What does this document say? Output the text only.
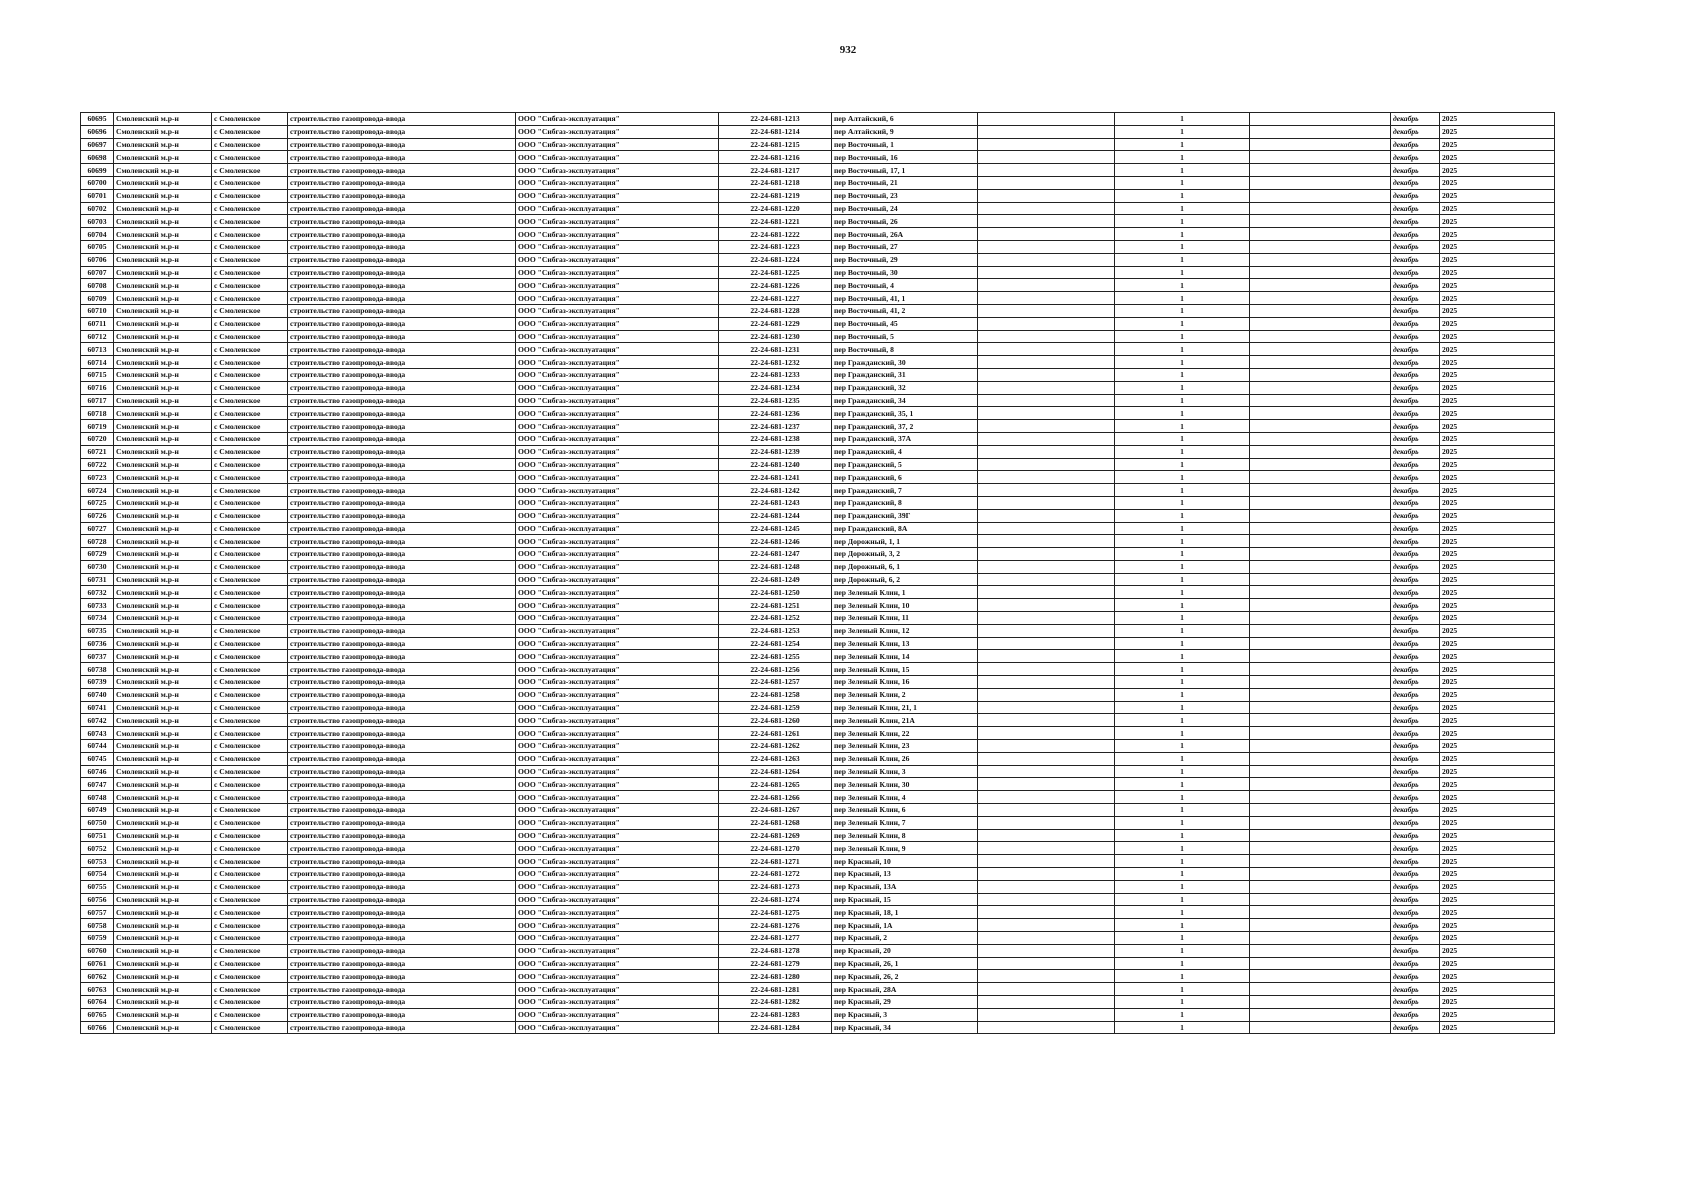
932
60695	Смоленский м.р-н	с Смоленское	строительство газопровода-ввода	ООО "Сибгаз-эксплуатация"	22-24-681-1213	пер Алтайский, 6		1		декабрь	2025
60696	Смоленский м.р-н	с Смоленское	строительство газопровода-ввода	ООО "Сибгаз-эксплуатация"	22-24-681-1214	пер Алтайский, 9		1		декабрь	2025
60697	Смоленский м.р-н	с Смоленское	строительство газопровода-ввода	ООО "Сибгаз-эксплуатация"	22-24-681-1215	пер Восточный, 1		1		декабрь	2025
60698	Смоленский м.р-н	с Смоленское	строительство газопровода-ввода	ООО "Сибгаз-эксплуатация"	22-24-681-1216	пер Восточный, 16		1		декабрь	2025
60699	Смоленский м.р-н	с Смоленское	строительство газопровода-ввода	ООО "Сибгаз-эксплуатация"	22-24-681-1217	пер Восточный, 17, 1		1		декабрь	2025
60700	Смоленский м.р-н	с Смоленское	строительство газопровода-ввода	ООО "Сибгаз-эксплуатация"	22-24-681-1218	пер Восточный, 21		1		декабрь	2025
60701	Смоленский м.р-н	с Смоленское	строительство газопровода-ввода	ООО "Сибгаз-эксплуатация"	22-24-681-1219	пер Восточный, 23		1		декабрь	2025
60702	Смоленский м.р-н	с Смоленское	строительство газопровода-ввода	ООО "Сибгаз-эксплуатация"	22-24-681-1220	пер Восточный, 24		1		декабрь	2025
60703	Смоленский м.р-н	с Смоленское	строительство газопровода-ввода	ООО "Сибгаз-эксплуатация"	22-24-681-1221	пер Восточный, 26		1		декабрь	2025
60704	Смоленский м.р-н	с Смоленское	строительство газопровода-ввода	ООО "Сибгаз-эксплуатация"	22-24-681-1222	пер Восточный, 26А		1		декабрь	2025
60705	Смоленский м.р-н	с Смоленское	строительство газопровода-ввода	ООО "Сибгаз-эксплуатация"	22-24-681-1223	пер Восточный, 27		1		декабрь	2025
60706	Смоленский м.р-н	с Смоленское	строительство газопровода-ввода	ООО "Сибгаз-эксплуатация"	22-24-681-1224	пер Восточный, 29		1		декабрь	2025
60707	Смоленский м.р-н	с Смоленское	строительство газопровода-ввода	ООО "Сибгаз-эксплуатация"	22-24-681-1225	пер Восточный, 30		1		декабрь	2025
60708	Смоленский м.р-н	с Смоленское	строительство газопровода-ввода	ООО "Сибгаз-эксплуатация"	22-24-681-1226	пер Восточный, 4		1		декабрь	2025
60709	Смоленский м.р-н	с Смоленское	строительство газопровода-ввода	ООО "Сибгаз-эксплуатация"	22-24-681-1227	пер Восточный, 41, 1		1		декабрь	2025
60710	Смоленский м.р-н	с Смоленское	строительство газопровода-ввода	ООО "Сибгаз-эксплуатация"	22-24-681-1228	пер Восточный, 41, 2		1		декабрь	2025
60711	Смоленский м.р-н	с Смоленское	строительство газопровода-ввода	ООО "Сибгаз-эксплуатация"	22-24-681-1229	пер Восточный, 45		1		декабрь	2025
60712	Смоленский м.р-н	с Смоленское	строительство газопровода-ввода	ООО "Сибгаз-эксплуатация"	22-24-681-1230	пер Восточный, 5		1		декабрь	2025
60713	Смоленский м.р-н	с Смоленское	строительство газопровода-ввода	ООО "Сибгаз-эксплуатация"	22-24-681-1231	пер Восточный, 8		1		декабрь	2025
60714	Смоленский м.р-н	с Смоленское	строительство газопровода-ввода	ООО "Сибгаз-эксплуатация"	22-24-681-1232	пер Гражданский, 30		1		декабрь	2025
60715	Смоленский м.р-н	с Смоленское	строительство газопровода-ввода	ООО "Сибгаз-эксплуатация"	22-24-681-1233	пер Гражданский, 31		1		декабрь	2025
60716	Смоленский м.р-н	с Смоленское	строительство газопровода-ввода	ООО "Сибгаз-эксплуатация"	22-24-681-1234	пер Гражданский, 32		1		декабрь	2025
60717	Смоленский м.р-н	с Смоленское	строительство газопровода-ввода	ООО "Сибгаз-эксплуатация"	22-24-681-1235	пер Гражданский, 34		1		декабрь	2025
60718	Смоленский м.р-н	с Смоленское	строительство газопровода-ввода	ООО "Сибгаз-эксплуатация"	22-24-681-1236	пер Гражданский, 35, 1		1		декабрь	2025
60719	Смоленский м.р-н	с Смоленское	строительство газопровода-ввода	ООО "Сибгаз-эксплуатация"	22-24-681-1237	пер Гражданский, 37, 2		1		декабрь	2025
60720	Смоленский м.р-н	с Смоленское	строительство газопровода-ввода	ООО "Сибгаз-эксплуатация"	22-24-681-1238	пер Гражданский, 37А		1		декабрь	2025
60721	Смоленский м.р-н	с Смоленское	строительство газопровода-ввода	ООО "Сибгаз-эксплуатация"	22-24-681-1239	пер Гражданский, 4		1		декабрь	2025
60722	Смоленский м.р-н	с Смоленское	строительство газопровода-ввода	ООО "Сибгаз-эксплуатация"	22-24-681-1240	пер Гражданский, 5		1		декабрь	2025
60723	Смоленский м.р-н	с Смоленское	строительство газопровода-ввода	ООО "Сибгаз-эксплуатация"	22-24-681-1241	пер Гражданский, 6		1		декабрь	2025
60724	Смоленский м.р-н	с Смоленское	строительство газопровода-ввода	ООО "Сибгаз-эксплуатация"	22-24-681-1242	пер Гражданский, 7		1		декабрь	2025
60725	Смоленский м.р-н	с Смоленское	строительство газопровода-ввода	ООО "Сибгаз-эксплуатация"	22-24-681-1243	пер Гражданский, 8		1		декабрь	2025
60726	Смоленский м.р-н	с Смоленское	строительство газопровода-ввода	ООО "Сибгаз-эксплуатация"	22-24-681-1244	пер Гражданский, 39Г		1		декабрь	2025
60727	Смоленский м.р-н	с Смоленское	строительство газопровода-ввода	ООО "Сибгаз-эксплуатация"	22-24-681-1245	пер Гражданский, 8А		1		декабрь	2025
60728	Смоленский м.р-н	с Смоленское	строительство газопровода-ввода	ООО "Сибгаз-эксплуатация"	22-24-681-1246	пер Дорожный, 1, 1		1		декабрь	2025
60729	Смоленский м.р-н	с Смоленское	строительство газопровода-ввода	ООО "Сибгаз-эксплуатация"	22-24-681-1247	пер Дорожный, 3, 2		1		декабрь	2025
60730	Смоленский м.р-н	с Смоленское	строительство газопровода-ввода	ООО "Сибгаз-эксплуатация"	22-24-681-1248	пер Дорожный, 6, 1		1		декабрь	2025
60731	Смоленский м.р-н	с Смоленское	строительство газопровода-ввода	ООО "Сибгаз-эксплуатация"	22-24-681-1249	пер Дорожный, 6, 2		1		декабрь	2025
60732	Смоленский м.р-н	с Смоленское	строительство газопровода-ввода	ООО "Сибгаз-эксплуатация"	22-24-681-1250	пер Зеленый Клин, 1		1		декабрь	2025
60733	Смоленский м.р-н	с Смоленское	строительство газопровода-ввода	ООО "Сибгаз-эксплуатация"	22-24-681-1251	пер Зеленый Клин, 10		1		декабрь	2025
60734	Смоленский м.р-н	с Смоленское	строительство газопровода-ввода	ООО "Сибгаз-эксплуатация"	22-24-681-1252	пер Зеленый Клин, 11		1		декабрь	2025
60735	Смоленский м.р-н	с Смоленское	строительство газопровода-ввода	ООО "Сибгаз-эксплуатация"	22-24-681-1253	пер Зеленый Клин, 12		1		декабрь	2025
60736	Смоленский м.р-н	с Смоленское	строительство газопровода-ввода	ООО "Сибгаз-эксплуатация"	22-24-681-1254	пер Зеленый Клин, 13		1		декабрь	2025
60737	Смоленский м.р-н	с Смоленское	строительство газопровода-ввода	ООО "Сибгаз-эксплуатация"	22-24-681-1255	пер Зеленый Клин, 14		1		декабрь	2025
60738	Смоленский м.р-н	с Смоленское	строительство газопровода-ввода	ООО "Сибгаз-эксплуатация"	22-24-681-1256	пер Зеленый Клин, 15		1		декабрь	2025
60739	Смоленский м.р-н	с Смоленское	строительство газопровода-ввода	ООО "Сибгаз-эксплуатация"	22-24-681-1257	пер Зеленый Клин, 16		1		декабрь	2025
60740	Смоленский м.р-н	с Смоленское	строительство газопровода-ввода	ООО "Сибгаз-эксплуатация"	22-24-681-1258	пер Зеленый Клин, 2		1		декабрь	2025
60741	Смоленский м.р-н	с Смоленское	строительство газопровода-ввода	ООО "Сибгаз-эксплуатация"	22-24-681-1259	пер Зеленый Клин, 21, 1		1		декабрь	2025
60742	Смоленский м.р-н	с Смоленское	строительство газопровода-ввода	ООО "Сибгаз-эксплуатация"	22-24-681-1260	пер Зеленый Клин, 21А		1		декабрь	2025
60743	Смоленский м.р-н	с Смоленское	строительство газопровода-ввода	ООО "Сибгаз-эксплуатация"	22-24-681-1261	пер Зеленый Клин, 22		1		декабрь	2025
60744	Смоленский м.р-н	с Смоленское	строительство газопровода-ввода	ООО "Сибгаз-эксплуатация"	22-24-681-1262	пер Зеленый Клин, 23		1		декабрь	2025
60745	Смоленский м.р-н	с Смоленское	строительство газопровода-ввода	ООО "Сибгаз-эксплуатация"	22-24-681-1263	пер Зеленый Клин, 26		1		декабрь	2025
60746	Смоленский м.р-н	с Смоленское	строительство газопровода-ввода	ООО "Сибгаз-эксплуатация"	22-24-681-1264	пер Зеленый Клин, 3		1		декабрь	2025
60747	Смоленский м.р-н	с Смоленское	строительство газопровода-ввода	ООО "Сибгаз-эксплуатация"	22-24-681-1265	пер Зеленый Клин, 30		1		декабрь	2025
60748	Смоленский м.р-н	с Смоленское	строительство газопровода-ввода	ООО "Сибгаз-эксплуатация"	22-24-681-1266	пер Зеленый Клин, 4		1		декабрь	2025
60749	Смоленский м.р-н	с Смоленское	строительство газопровода-ввода	ООО "Сибгаз-эксплуатация"	22-24-681-1267	пер Зеленый Клин, 6		1		декабрь	2025
60750	Смоленский м.р-н	с Смоленское	строительство газопровода-ввода	ООО "Сибгаз-эксплуатация"	22-24-681-1268	пер Зеленый Клин, 7		1		декабрь	2025
60751	Смоленский м.р-н	с Смоленское	строительство газопровода-ввода	ООО "Сибгаз-эксплуатация"	22-24-681-1269	пер Зеленый Клин, 8		1		декабрь	2025
60752	Смоленский м.р-н	с Смоленское	строительство газопровода-ввода	ООО "Сибгаз-эксплуатация"	22-24-681-1270	пер Зеленый Клин, 9		1		декабрь	2025
60753	Смоленский м.р-н	с Смоленское	строительство газопровода-ввода	ООО "Сибгаз-эксплуатация"	22-24-681-1271	пер Красный, 10		1		декабрь	2025
60754	Смоленский м.р-н	с Смоленское	строительство газопровода-ввода	ООО "Сибгаз-эксплуатация"	22-24-681-1272	пер Красный, 13		1		декабрь	2025
60755	Смоленский м.р-н	с Смоленское	строительство газопровода-ввода	ООО "Сибгаз-эксплуатация"	22-24-681-1273	пер Красный, 13А		1		декабрь	2025
60756	Смоленский м.р-н	с Смоленское	строительство газопровода-ввода	ООО "Сибгаз-эксплуатация"	22-24-681-1274	пер Красный, 15		1		декабрь	2025
60757	Смоленский м.р-н	с Смоленское	строительство газопровода-ввода	ООО "Сибгаз-эксплуатация"	22-24-681-1275	пер Красный, 18, 1		1		декабрь	2025
60758	Смоленский м.р-н	с Смоленское	строительство газопровода-ввода	ООО "Сибгаз-эксплуатация"	22-24-681-1276	пер Красный, 1А		1		декабрь	2025
60759	Смоленский м.р-н	с Смоленское	строительство газопровода-ввода	ООО "Сибгаз-эксплуатация"	22-24-681-1277	пер Красный, 2		1		декабрь	2025
60760	Смоленский м.р-н	с Смоленское	строительство газопровода-ввода	ООО "Сибгаз-эксплуатация"	22-24-681-1278	пер Красный, 20		1		декабрь	2025
60761	Смоленский м.р-н	с Смоленское	строительство газопровода-ввода	ООО "Сибгаз-эксплуатация"	22-24-681-1279	пер Красный, 26, 1		1		декабрь	2025
60762	Смоленский м.р-н	с Смоленское	строительство газопровода-ввода	ООО "Сибгаз-эксплуатация"	22-24-681-1280	пер Красный, 26, 2		1		декабрь	2025
60763	Смоленский м.р-н	с Смоленское	строительство газопровода-ввода	ООО "Сибгаз-эксплуатация"	22-24-681-1281	пер Красный, 28А		1		декабрь	2025
60764	Смоленский м.р-н	с Смоленское	строительство газопровода-ввода	ООО "Сибгаз-эксплуатация"	22-24-681-1282	пер Красный, 29		1		декабрь	2025
60765	Смоленский м.р-н	с Смоленское	строительство газопровода-ввода	ООО "Сибгаз-эксплуатация"	22-24-681-1283	пер Красный, 3		1		декабрь	2025
60766	Смоленский м.р-н	с Смоленское	строительство газопровода-ввода	ООО "Сибгаз-эксплуатация"	22-24-681-1284	пер Красный, 34		1		декабрь	2025
